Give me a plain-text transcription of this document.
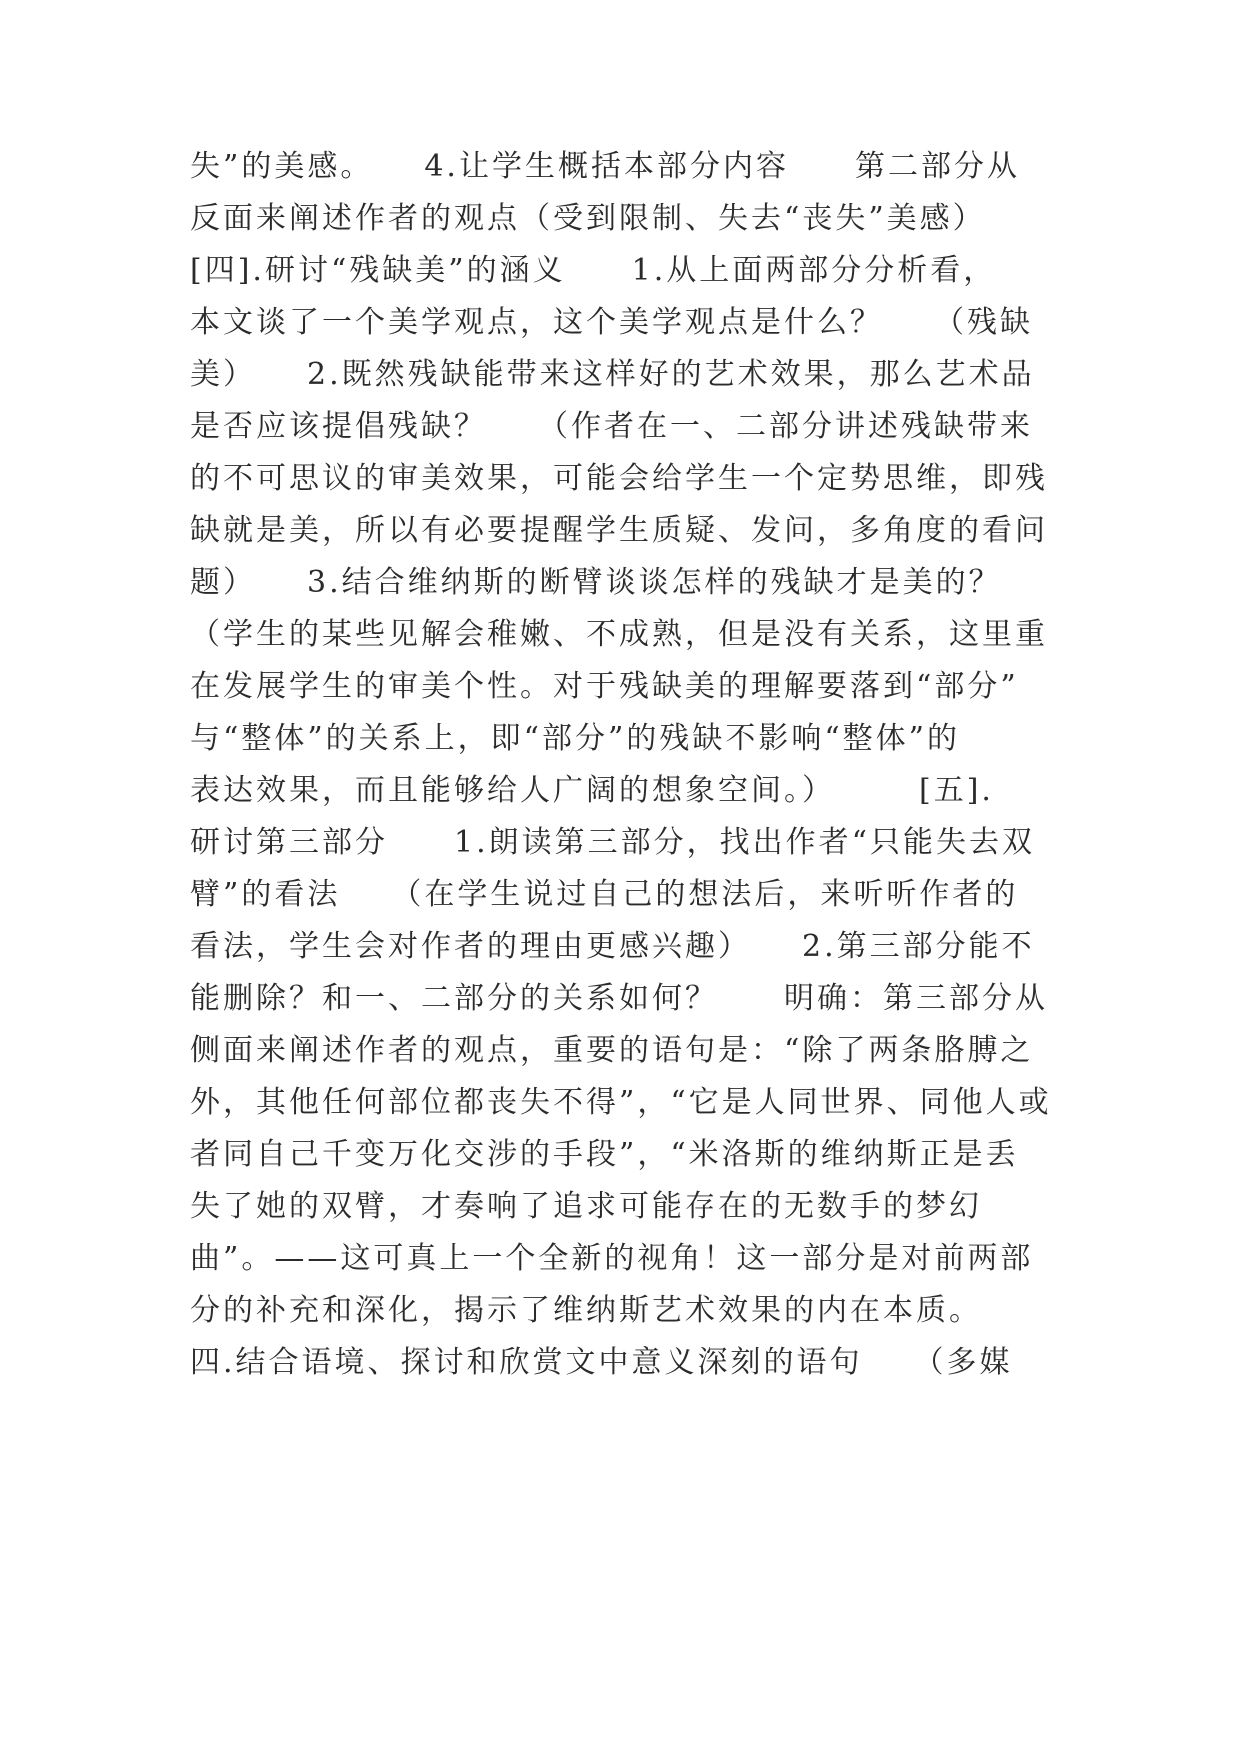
失”的美感。　　4.让学生概括本部分内容　　第二部分从
反面来阐述作者的观点（受到限制、失去“丧失”美感）
[四].研讨“残缺美”的涵义　　1.从上面两部分分析看，
本文谈了一个美学观点，这个美学观点是什么？　　（残缺
美）　　2.既然残缺能带来这样好的艺术效果，那么艺术品
是否应该提倡残缺？　　（作者在一、二部分讲述残缺带来
的不可思议的审美效果，可能会给学生一个定势思维，即残
缺就是美，所以有必要提醒学生质疑、发问，多角度的看问
题）　　3.结合维纳斯的断臂谈谈怎样的残缺才是美的？
（学生的某些见解会稚嫩、不成熟，但是没有关系，这里重
在发展学生的审美个性。对于残缺美的理解要落到“部分”
与“整体”的关系上，即“部分”的残缺不影响“整体”的
表达效果，而且能够给人广阔的想象空间。）　　　[五].
研讨第三部分　　1.朗读第三部分，找出作者“只能失去双
臂”的看法　　（在学生说过自己的想法后，来听听作者的
看法，学生会对作者的理由更感兴趣）　　2.第三部分能不
能删除？和一、二部分的关系如何？　　明确：第三部分从
侧面来阐述作者的观点，重要的语句是：“除了两条胳膊之
外，其他任何部位都丧失不得”，“它是人同世界、同他人或
者同自己千变万化交涉的手段”，“米洛斯的维纳斯正是丢
失了她的双臂，才奏响了追求可能存在的无数手的梦幻
曲”。——这可真上一个全新的视角！这一部分是对前两部
分的补充和深化，揭示了维纳斯艺术效果的内在本质。
四.结合语境、探讨和欣赏文中意义深刻的语句　　（多媒
